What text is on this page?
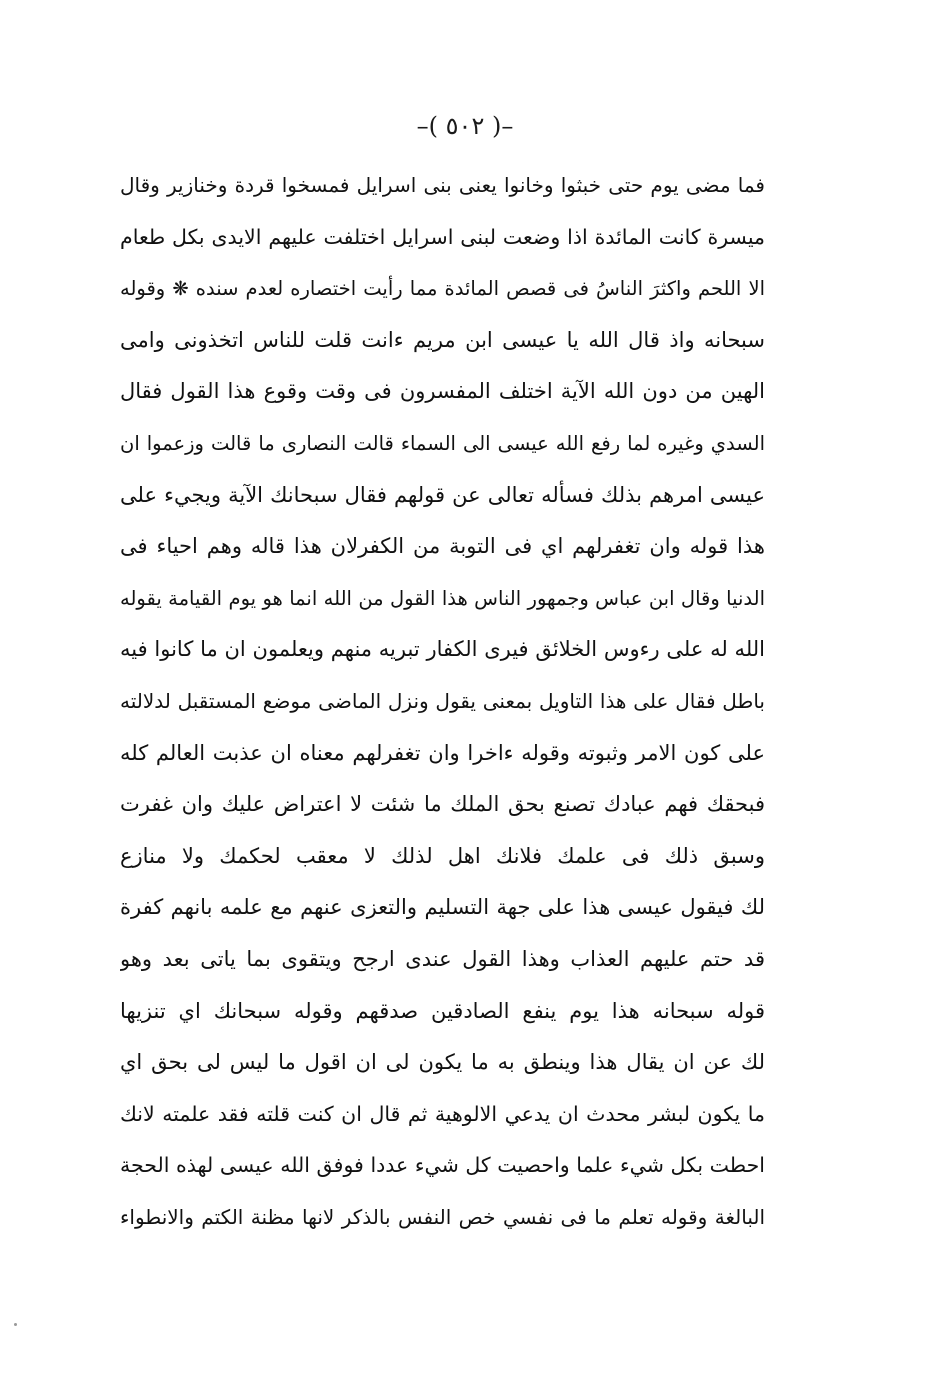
–( ٥٠٢ )–
فما مضى يوم حتى خبثوا وخانوا يعنى بنى اسرايل فمسخوا قردة وخنازير وقال
ميسرة كانت المائدة اذا وضعت لبنى اسرايل اختلفت عليهم الايدى بكل طعام
الا اللحم واكثرَ الناسُ فى قصص المائدة مما رأيت اختصاره لعدم سنده ❋ وقوله
سبحانه واذ قال الله يا عيسى ابن مريم ءانت قلت للناس اتخذونى وامى
الهين من دون الله الآية اختلف المفسرون فى وقت وقوع هذا القول فقال
السدي وغيره لما رفع الله عيسى الى السماء قالت النصارى ما قالت وزعموا ان
عيسى امرهم بذلك فسأله تعالى عن قولهم فقال سبحانك الآية ويجيء على
هذا قوله وان تغفرلهم اي فى التوبة من الكفرلان هذا قاله وهم احياء فى
الدنيا وقال ابن عباس وجمهور الناس هذا القول من الله انما هو يوم القيامة يقوله
الله له على رءوس الخلائق فيرى الكفار تبريه منهم ويعلمون ان ما كانوا فيه
باطل فقال على هذا التاويل بمعنى يقول ونزل الماضى موضع المستقبل لدلالته
على كون الامر وثبوته وقوله ءاخرا وان تغفرلهم معناه ان عذبت العالم كله
فبحقك فهم عبادك تصنع بحق الملك ما شئت لا اعتراض عليك وان غفرت
وسبق ذلك فى علمك فلانك اهل لذلك لا معقب لحكمك ولا منازع
لك فيقول عيسى هذا على جهة التسليم والتعزى عنهم مع علمه بانهم كفرة
قد حتم عليهم العذاب وهذا القول عندى ارجح ويتقوى بما ياتى بعد وهو
قوله سبحانه هذا يوم ينفع الصادقين صدقهم وقوله سبحانك اي تنزيها
لك عن ان يقال هذا وينطق به ما يكون لى ان اقول ما ليس لى بحق اي
ما يكون لبشر محدث ان يدعي الالوهية ثم قال ان كنت قلته فقد علمته لانك
احطت بكل شيء علما واحصيت كل شيء عددا فوفق الله عيسى لهذه الحجة
البالغة وقوله تعلم ما فى نفسي خص النفس بالذكر لانها مظنة الكتم والانطواء
